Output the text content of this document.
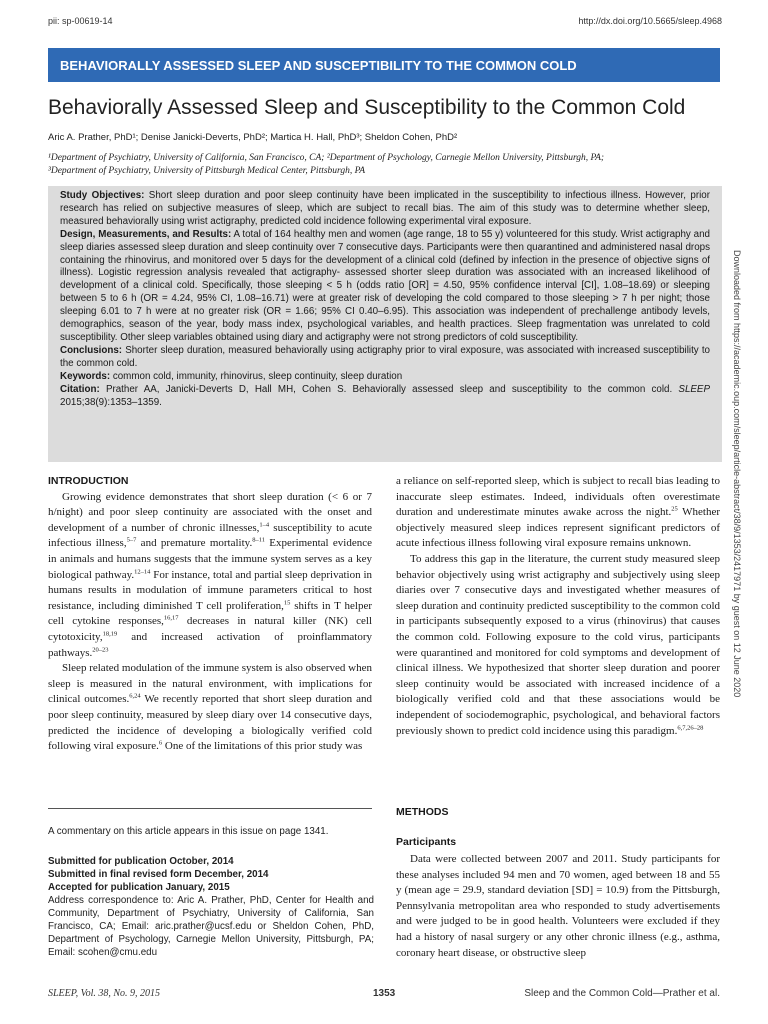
pii: sp-00619-14	http://dx.doi.org/10.5665/sleep.4968
BEHAVIORALLY ASSESSED SLEEP AND SUSCEPTIBILITY TO THE COMMON COLD
Behaviorally Assessed Sleep and Susceptibility to the Common Cold
Aric A. Prather, PhD¹; Denise Janicki-Deverts, PhD²; Martica H. Hall, PhD³; Sheldon Cohen, PhD²
¹Department of Psychiatry, University of California, San Francisco, CA; ²Department of Psychology, Carnegie Mellon University, Pittsburgh, PA;
³Department of Psychiatry, University of Pittsburgh Medical Center, Pittsburgh, PA

Study Objectives: Short sleep duration and poor sleep continuity have been implicated in the susceptibility to infectious illness. However, prior research has relied on subjective measures of sleep, which are subject to recall bias. The aim of this study was to determine whether sleep, measured behaviorally using wrist actigraphy, predicted cold incidence following experimental viral exposure.

Design, Measurements, and Results: A total of 164 healthy men and women (age range, 18 to 55 y) volunteered for this study. Wrist actigraphy and sleep diaries assessed sleep duration and sleep continuity over 7 consecutive days. Participants were then quarantined and administered nasal drops containing the rhinovirus, and monitored over 5 days for the development of a clinical cold (defined by infection in the presence of objective signs of illness). Logistic regression analysis revealed that actigraphy- assessed shorter sleep duration was associated with an increased likelihood of development of a clinical cold. Specifically, those sleeping < 5 h (odds ratio [OR] = 4.50, 95% confidence interval [CI], 1.08–18.69) or sleeping between 5 to 6 h (OR = 4.24, 95% CI, 1.08–16.71) were at greater risk of developing the cold compared to those sleeping > 7 h per night; those sleeping 6.01 to 7 h were at no greater risk (OR = 1.66; 95% CI 0.40–6.95). This association was independent of prechallenge antibody levels, demographics, season of the year, body mass index, psychological variables, and health practices. Sleep fragmentation was unrelated to cold susceptibility. Other sleep variables obtained using diary and actigraphy were not strong predictors of cold susceptibility.

Conclusions: Shorter sleep duration, measured behaviorally using actigraphy prior to viral exposure, was associated with increased susceptibility to the common cold.

Keywords: common cold, immunity, rhinovirus, sleep continuity, sleep duration

Citation: Prather AA, Janicki-Deverts D, Hall MH, Cohen S. Behaviorally assessed sleep and susceptibility to the common cold. SLEEP 2015;38(9):1353–1359.	Downloaded from https://academic.oup.com/sleep/article-abstract/38/9/1353/2417971 by guest on 12 June 2020

INTRODUCTION

Growing evidence demonstrates that short sleep duration (< 6 or 7 h/night) and poor sleep continuity are associated with the onset and development of a number of chronic illnesses,$^{1-4}$ susceptibility to acute infectious illness,$^{5-7}$ and premature mortality.$^{8-11}$ Experimental evidence in animals and humans suggests that the immune system serves as a key biological pathway.$^{12-14}$ For instance, total and partial sleep deprivation in humans results in modulation of immune parameters critical to host resistance, including diminished T cell proliferation,$^{15}$ shifts in T helper cell cytokine responses,$^{16,17}$ decreases in natural killer (NK) cell cytotoxicity,$^{18,19}$ and increased activation of proinflammatory pathways.$^{20-23}$

Sleep related modulation of the immune system is also observed when sleep is measured in the natural environment, with implications for clinical outcomes.$^{6,24}$ We recently reported that short sleep duration and poor sleep continuity, measured by sleep diary over 14 consecutive days, predicted the incidence of developing a biologically verified cold following viral exposure.$^6$ One of the limitations of this prior study was

a reliance on self-reported sleep, which is subject to recall bias leading to inaccurate sleep estimates. Indeed, individuals often overestimate duration and underestimate minutes awake across the night.$^{25}$ Whether objectively measured sleep indices represent significant predictors of acute infectious illness following viral exposure remains unknown.

To address this gap in the literature, the current study measured sleep behavior objectively using wrist actigraphy and subjectively using sleep diaries over 7 consecutive days and investigated whether measures of sleep duration and continuity predicted susceptibility to the common cold in participants subsequently exposed to a virus (rhinovirus) that causes the common cold. Following exposure to the cold virus, participants were quarantined and monitored for cold symptoms and development of clinical illness. We hypothesized that shorter sleep duration and poorer sleep continuity would be associated with increased incidence of a biologically verified cold and that these associations would be independent of sociodemographic, psychological, and behavioral factors previously shown to predict cold incidence using this paradigm.$^{6,7,26-28}$

METHODS
Participants

Data were collected between 2007 and 2011. Study participants for these analyses included 94 men and 70 women, aged between 18 and 55 y (mean age = 29.9, standard deviation [SD] = 10.9) from the Pittsburgh, Pennsylvania metropolitan area who responded to study advertisements and were judged to be in good health. Volunteers were excluded if they had a history of nasal surgery or any other chronic illness (e.g., asthma, coronary heart disease, or obstructive sleep

A commentary on this article appears in this issue on page 1341.
Submitted for publication October, 2014
Submitted in final revised form December, 2014
Accepted for publication January, 2015
Address correspondence to: Aric A. Prather, PhD, Center for Health and Community, Department of Psychiatry, University of California, San Francisco, CA; Email: aric.prather@ucsf.edu or Sheldon Cohen, PhD, Department of Psychology, Carnegie Mellon University, Pittsburgh, PA; Email: scohen@cmu.edu
SLEEP, Vol. 38, No. 9, 2015	1353	Sleep and the Common Cold—Prather et al.
